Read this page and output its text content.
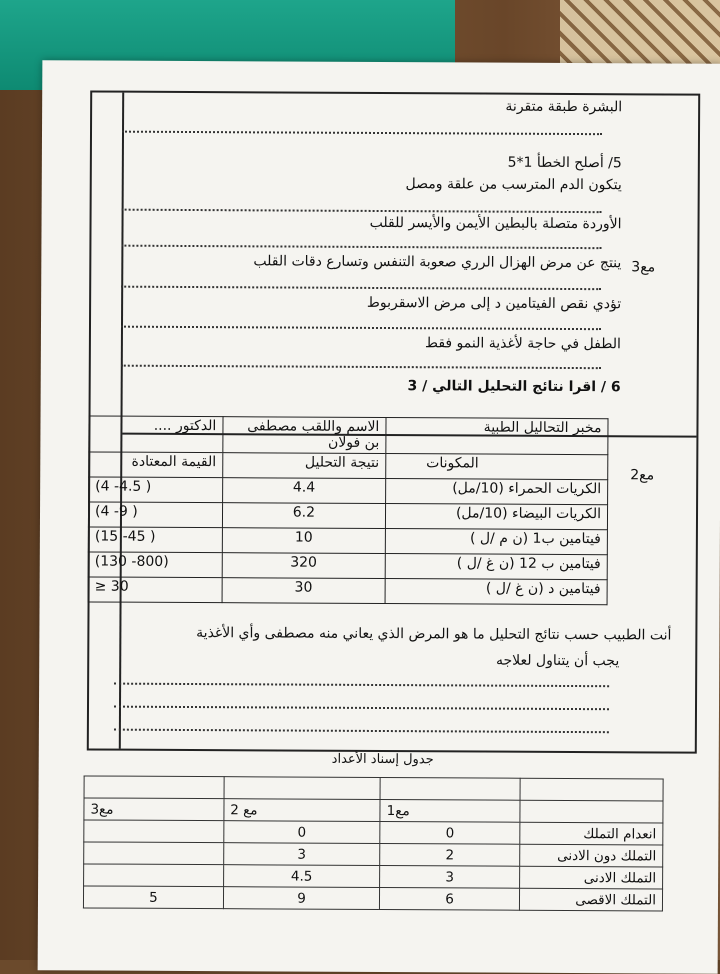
البشرة طبقة متقرنة
5/ أصلح الخطأ 1*5
يتكون الدم المترسب من علقة ومصل
الأوردة متصلة بالبطين الأيمن والأيسر للقلب
ينتج عن مرض الهزال الرري صعوبة التنفس وتسارع دقات القلب
تؤدي نقص الفيتامين د إلى مرض الاسقربوط
الطفل في حاجة لأغذية النمو فقط
مع3
مع2
6 / اقرا نتائج التحليل التالي / 3
مخبر التحاليل الطبية	الاسم واللقب مصطفى بن فولان	الدكتور ....
المكونات	نتيجة التحليل	القيمة المعتادة
الكريات الحمراء (10/مل)	4.4	( 4.5- 4)
الكريات البيضاء (10/مل)	6.2	( 9- 4)
فيتامين ب1 (ن م /ل )	10	( 45- 15)
فيتامين ب 12 (ن غ /ل )	320	(800- 130)
فيتامين د (ن غ /ل )	30	30 ≤
أنت الطبيب حسب نتائج التحليل ما هو المرض الذي يعاني منه مصطفى وأي الأغذية
يجب أن يتناول لعلاجه
جدول إسناد الأعداد

	مع1	مع 2	مع3
انعدام التملك	0	0	
التملك دون الادنى	2	3	
التملك الادنى	3	4.5	
التملك الاقصى	6	9	5
